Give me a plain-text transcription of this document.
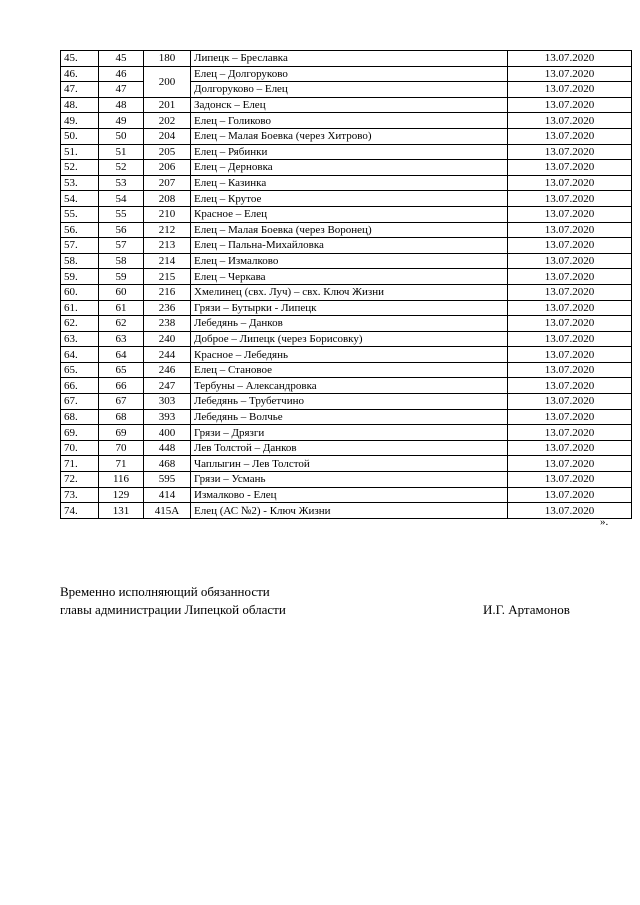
45.	45	180	Липецк – Бреславка	13.07.2020
46.	46	200	Елец – Долгоруково	13.07.2020
47.	47		Долгоруково – Елец	13.07.2020
48.	48	201	Задонск – Елец	13.07.2020
49.	49	202	Елец – Голиково	13.07.2020
50.	50	204	Елец – Малая Боевка (через Хитрово)	13.07.2020
51.	51	205	Елец – Рябинки	13.07.2020
52.	52	206	Елец – Дерновка	13.07.2020
53.	53	207	Елец – Казинка	13.07.2020
54.	54	208	Елец – Крутое	13.07.2020
55.	55	210	Красное – Елец	13.07.2020
56.	56	212	Елец – Малая Боевка (через Воронец)	13.07.2020
57.	57	213	Елец – Пальна-Михайловка	13.07.2020
58.	58	214	Елец – Измалково	13.07.2020
59.	59	215	Елец – Черкава	13.07.2020
60.	60	216	Хмелинец (свх. Луч) – свх. Ключ Жизни	13.07.2020
61.	61	236	Грязи – Бутырки - Липецк	13.07.2020
62.	62	238	Лебедянь – Данков	13.07.2020
63.	63	240	Доброе – Липецк (через Борисовку)	13.07.2020
64.	64	244	Красное – Лебедянь	13.07.2020
65.	65	246	Елец – Становое	13.07.2020
66.	66	247	Тербуны – Александровка	13.07.2020
67.	67	303	Лебедянь – Трубетчино	13.07.2020
68.	68	393	Лебедянь – Волчье	13.07.2020
69.	69	400	Грязи – Дрязги	13.07.2020
70.	70	448	Лев Толстой – Данков	13.07.2020
71.	71	468	Чаплыгин – Лев Толстой	13.07.2020
72.	116	595	Грязи – Усмань	13.07.2020
73.	129	414	Измалково - Елец	13.07.2020
74.	131	415А	Елец (АС №2) - Ключ Жизни	13.07.2020
».
Временно исполняющий обязанности
главы администрации Липецкой области	И.Г. Артамонов
